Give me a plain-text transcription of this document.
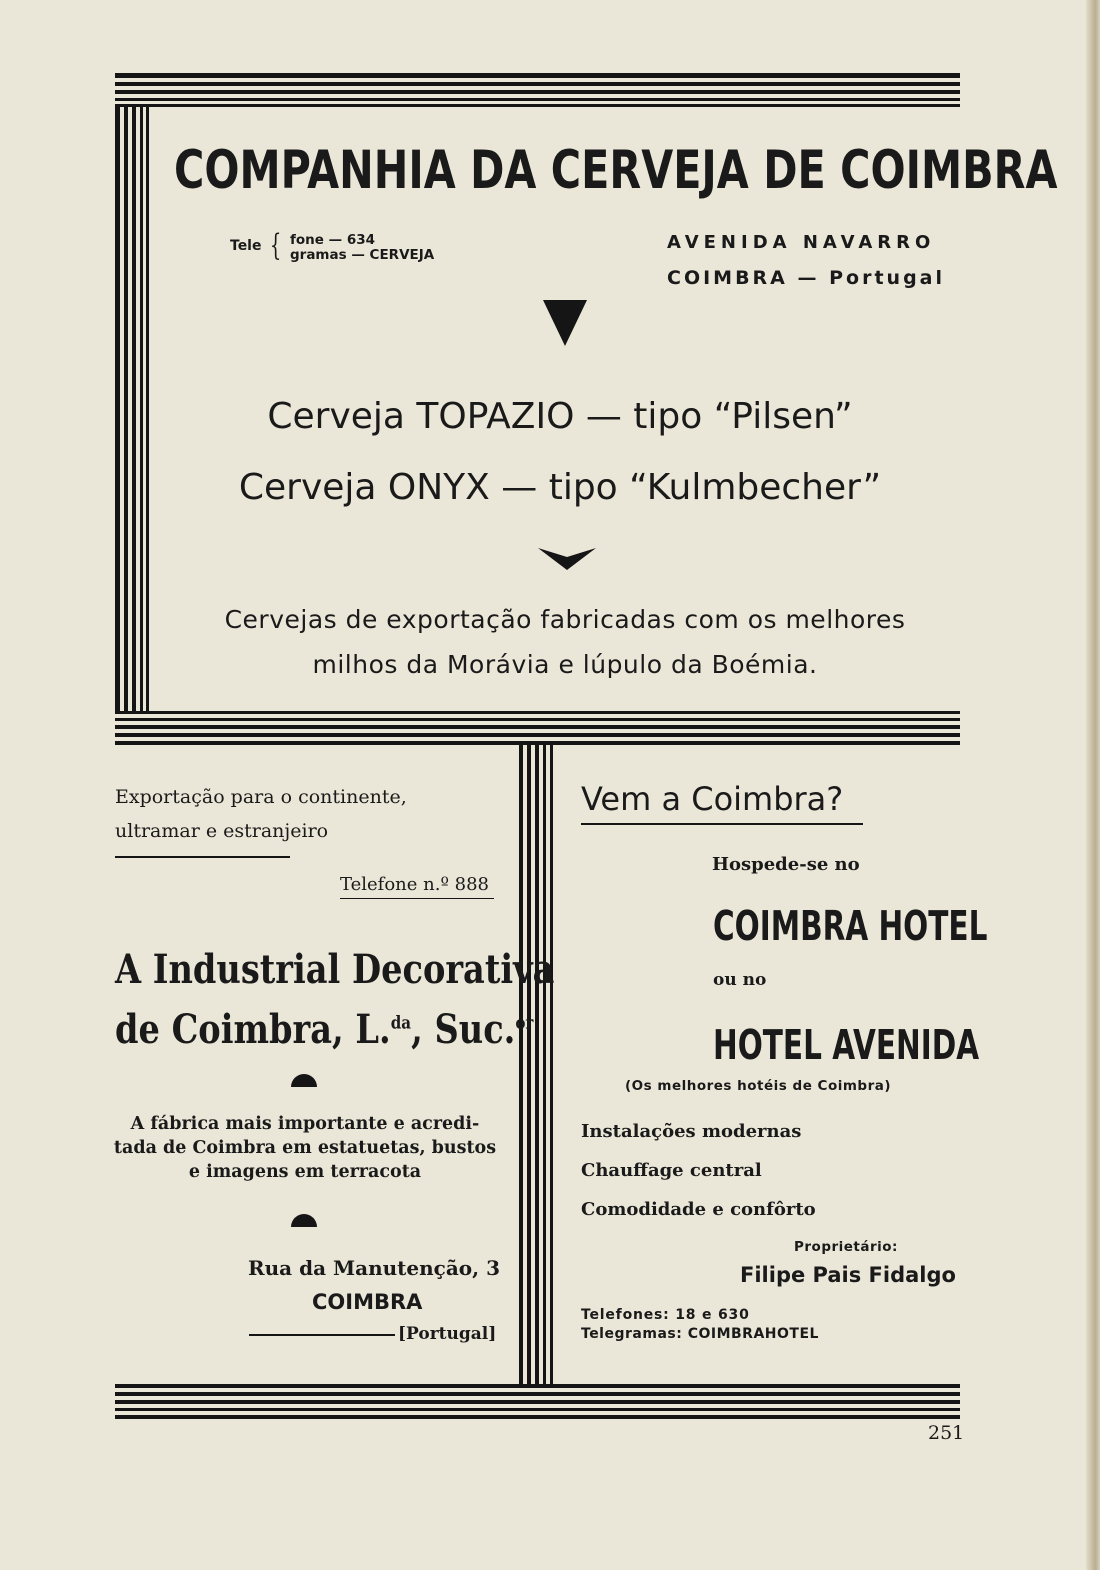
COMPANHIA DA CERVEJA DE COIMBRA
Tele { fone — 634
gramas — CERVEJA
AVENIDA NAVARRO
COIMBRA — Portugal
Cerveja TOPAZIO — tipo “Pilsen”
Cerveja ONYX — tipo “Kulmbecher”
Cervejas de exportação fabricadas com os melhores
milhos da Morávia e lúpulo da Boémia.
Exportação para o continente,
ultramar e estranjeiro
Telefone n.º 888
A Industrial Decorativa
de Coimbra, L.$^{da}$, Suc.$^{or}$
A fábrica mais importante e acredi-
tada de Coimbra em estatuetas, bustos
e imagens em terracota
Rua da Manutenção, 3
COIMBRA
[Portugal]
Vem a Coimbra?
Hospede-se no
COIMBRA HOTEL
ou no
HOTEL AVENIDA
(Os melhores hotéis de Coimbra)
Instalações modernas
Chauffage central
Comodidade e confôrto
Proprietário:
Filipe Pais Fidalgo
Telefones: 18 e 630
Telegramas: COIMBRAHOTEL
251
